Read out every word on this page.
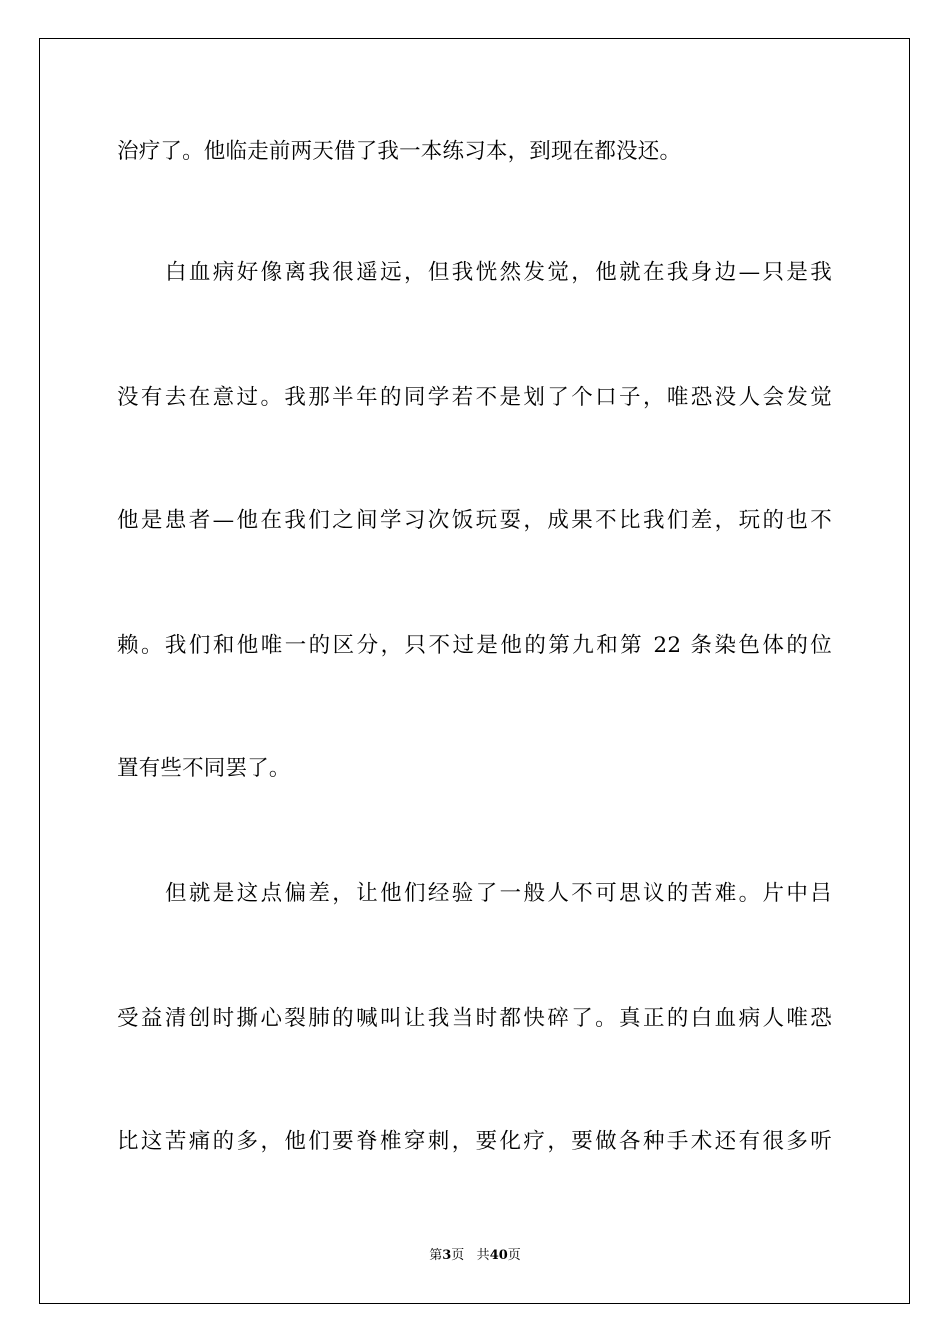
治疗了。他临走前两天借了我一本练习本，到现在都没还。
白血病好像离我很遥远，但我恍然发觉，他就在我身边—只是我
没有去在意过。我那半年的同学若不是划了个口子，唯恐没人会发觉
他是患者—他在我们之间学习次饭玩耍，成果不比我们差，玩的也不
赖。我们和他唯一的区分，只不过是他的第九和第 22 条染色体的位
置有些不同罢了。
但就是这点偏差，让他们经验了一般人不可思议的苦难。片中吕
受益清创时撕心裂肺的喊叫让我当时都快碎了。真正的白血病人唯恐
比这苦痛的多，他们要脊椎穿刺，要化疗，要做各种手术还有很多听
第3页 共40页
